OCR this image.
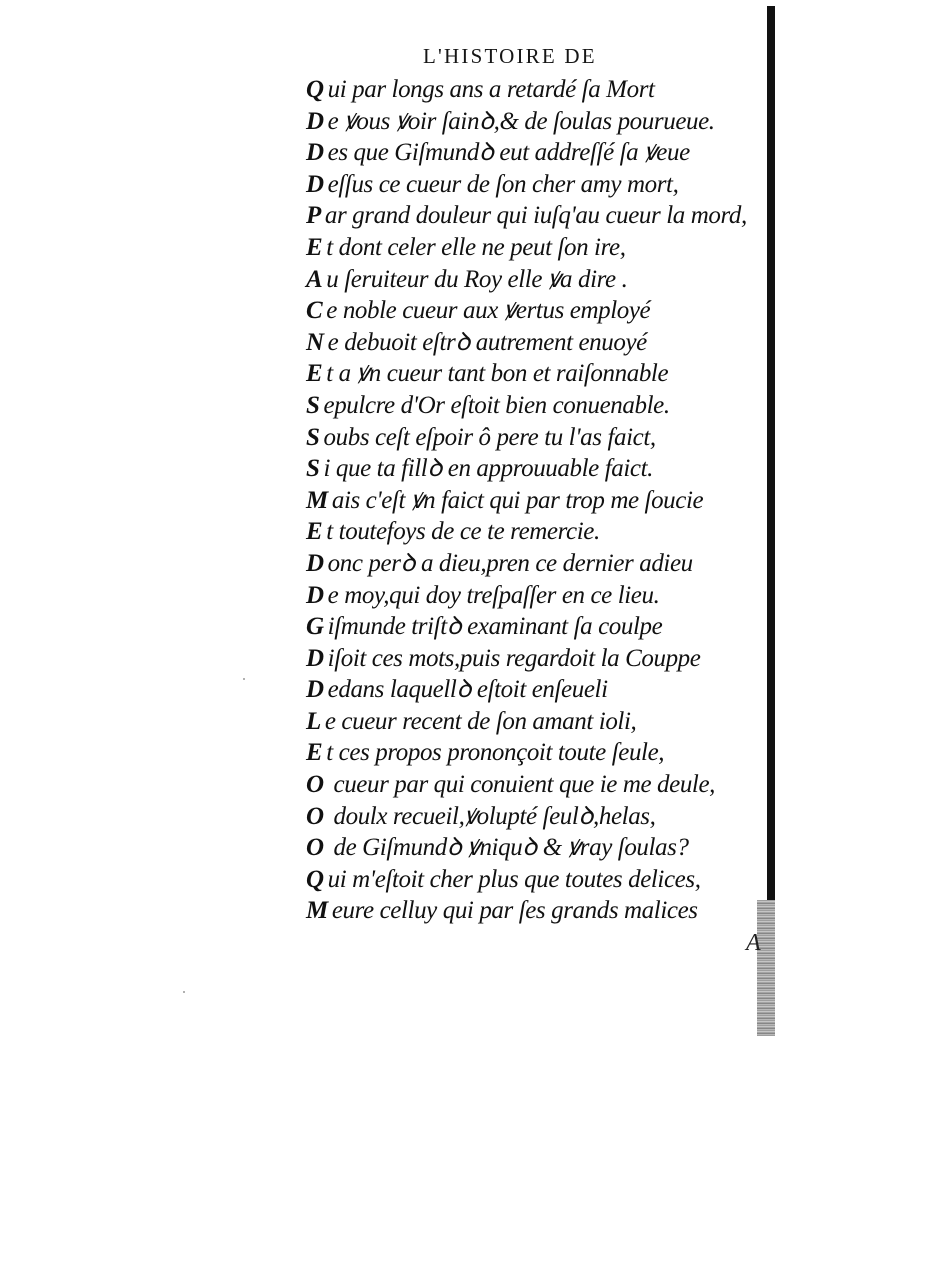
L'HISTOIRE DE
Q ui par longs ans a retardé ſa Mort
D e ꝟous ꝟoir ſainꝺ,& de ſoulas pourueue.
D es que Giſmundꝺ eut addreſſé ſa ꝟeue
D eſſus ce cueur de ſon cher amy mort,
P ar grand douleur qui iuſq'au cueur la mord,
E t dont celer elle ne peut ſon ire,
A u ſeruiteur du Roy elle ꝟa dire .
C e noble cueur aux ꝟertus employé
N e debuoit eſtrꝺ autrement enuoyé
E t a ꝟn cueur tant bon et raiſonnable
S epulcre d'Or eſtoit bien conuenable.
S oubs ceſt eſpoir ô pere tu l'as faict,
S i que ta fillꝺ en approuuable faict.
M ais c'eſt ꝟn faict qui par trop me ſoucie
E t toutefoys de ce te remercie.
D onc perꝺ a dieu,pren ce dernier adieu
D e moy,qui doy treſpaſſer en ce lieu.
G iſmunde triſtꝺ examinant ſa coulpe
D iſoit ces mots,puis regardoit la Couppe
D edans laquellꝺ eſtoit enſeueli
L e cueur recent de ſon amant ioli,
E t ces propos prononçoit toute ſeule,
O cueur par qui conuient que ie me deule,
O doulx recueil,ꝟolupté ſeulꝺ,helas,
O de Giſmundꝺ ꝟniquꝺ & ꝟray ſoulas?
Q ui m'eſtoit cher plus que toutes delices,
M eure celluy qui par ſes grands malices
A
